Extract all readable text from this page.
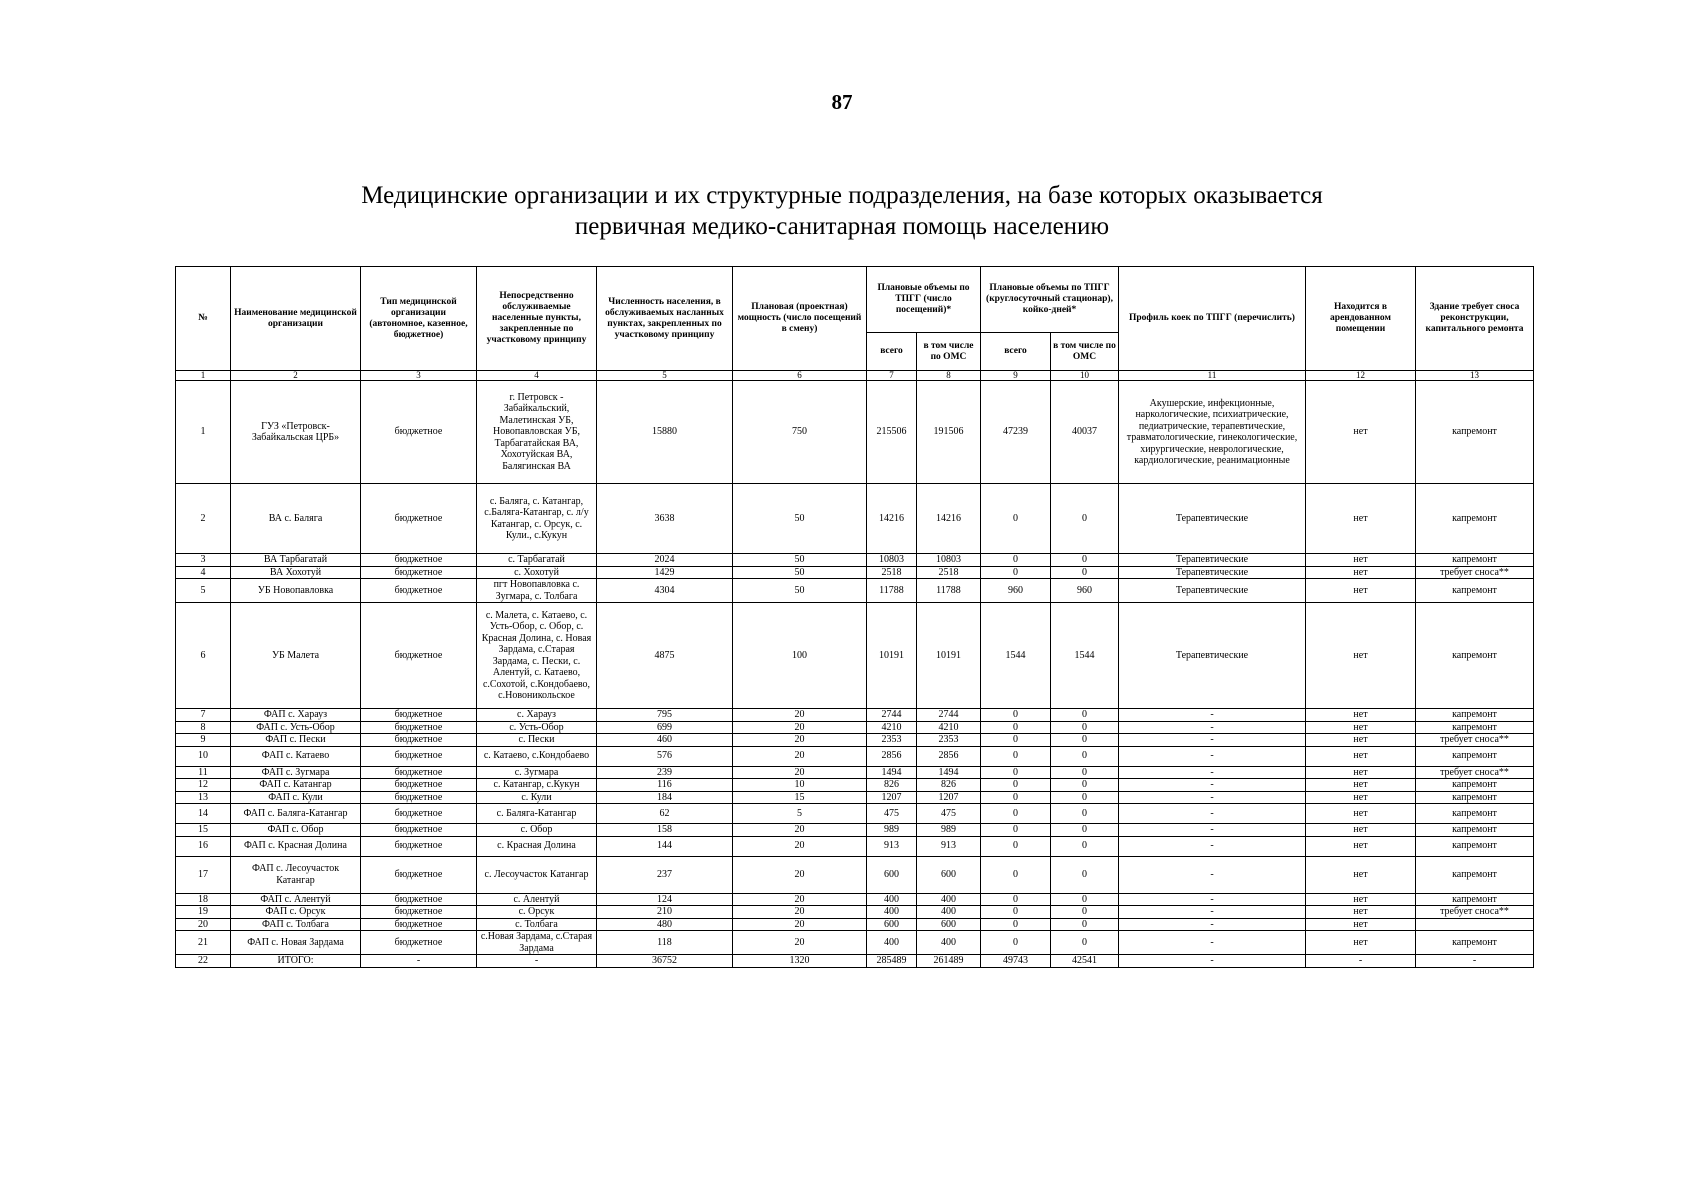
87
Медицинские организации и их структурные подразделения, на базе которых оказывается
первичная медико-санитарная помощь населению
№	Наименование медицинской организации	Тип медицинской организации (автономное, казенное, бюджетное)	Непосредственно обслуживаемые населенные пункты, закрепленные по участковому принципу	Численность населения, в обслуживаемых насланных пунктах, закрепленных по участковому принципу	Плановая (проектная) мощность (число посещений в смену)	Плановые объемы по ТПГГ (число посещений)*		Плановые объемы по ТПГГ (круглосуточный стационар), койко-дней*		Профиль коек по ТПГГ (перечислить)	Находится в арендованном помещении	Здание требует сноса реконструкции, капитального ремонта
						всего	в том числе по ОМС	всего	в том числе по ОМС			
1	2	3	4	5	6	7	8	9	10	11	12	13
1	ГУЗ «Петровск-Забайкальская ЦРБ»	бюджетное	г. Петровск - Забайкальский, Малетинская УБ, Новопавловская УБ, Тарбагатайская ВА, Хохотуйская ВА, Балягинская ВА	15880	750	215506	191506	47239	40037	Акушерские, инфекционные, наркологические, психиатрические, педиатрические, терапевтические, травматологические, гинекологические, хирургические, неврологические, кардиологические, реанимационные	нет	капремонт
2	ВА с. Баляга	бюджетное	с. Баляга, с. Катангар, с.Баляга-Катангар, с. л/у Катангар, с. Орсук, с. Кули., с.Кукун	3638	50	14216	14216	0	0	Терапевтические	нет	капремонт
3	ВА Тарбагатай	бюджетное	с. Тарбагатай	2024	50	10803	10803	0	0	Терапевтические	нет	капремонт
4	ВА Хохотуй	бюджетное	с. Хохотуй	1429	50	2518	2518	0	0	Терапевтические	нет	требует сноса**
5	УБ Новопавловка	бюджетное	пгт Новопавловка с. Зугмара, с. Толбага	4304	50	11788	11788	960	960	Терапевтические	нет	капремонт
6	УБ Малета	бюджетное	с. Малета, с. Катаево, с. Усть-Обор, с. Обор, с. Красная Долина, с. Новая Зардама, с.Старая Зардама, с. Пески, с. Алентуй, с. Катаево, с.Сохотой, с.Кондобаево, с.Новоникольское	4875	100	10191	10191	1544	1544	Терапевтические	нет	капремонт
7	ФАП с. Харауз	бюджетное	с. Харауз	795	20	2744	2744	0	0	-	нет	капремонт
8	ФАП с. Усть-Обор	бюджетное	с. Усть-Обор	699	20	4210	4210	0	0	-	нет	капремонт
9	ФАП с. Пески	бюджетное	с. Пески	460	20	2353	2353	0	0	-	нет	требует сноса**
10	ФАП с. Катаево	бюджетное	с. Катаево, с.Кондобаево	576	20	2856	2856	0	0	-	нет	капремонт
11	ФАП с. Зугмара	бюджетное	с. Зугмара	239	20	1494	1494	0	0	-	нет	требует сноса**
12	ФАП с. Катангар	бюджетное	с. Катангар, с.Кукун	116	10	826	826	0	0	-	нет	капремонт
13	ФАП с. Кули	бюджетное	с. Кули	184	15	1207	1207	0	0	-	нет	капремонт
14	ФАП с. Баляга-Катангар	бюджетное	с. Баляга-Катангар	62	5	475	475	0	0	-	нет	капремонт
15	ФАП с. Обор	бюджетное	с. Обор	158	20	989	989	0	0	-	нет	капремонт
16	ФАП с. Красная Долина	бюджетное	с. Красная Долина	144	20	913	913	0	0	-	нет	капремонт
17	ФАП с. Лесоучасток Катангар	бюджетное	с. Лесоучасток Катангар	237	20	600	600	0	0	-	нет	капремонт
18	ФАП с. Алентуй	бюджетное	с. Алентуй	124	20	400	400	0	0	-	нет	капремонт
19	ФАП с. Орсук	бюджетное	с. Орсук	210	20	400	400	0	0	-	нет	требует сноса**
20	ФАП с. Толбага	бюджетное	с. Толбага	480	20	600	600	0	0	-	нет	
21	ФАП с. Новая Зардама	бюджетное	с.Новая Зардама, с.Старая Зардама	118	20	400	400	0	0	-	нет	капремонт
22	ИТОГО:	-	-	36752	1320	285489	261489	49743	42541	-	-	-
